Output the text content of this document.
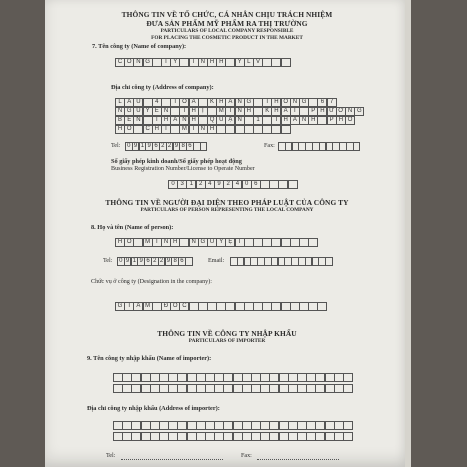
THÔNG TIN VỀ TỔ CHỨC, CÁ NHÂN CHỊU TRÁCH NHIỆM
ĐƯA SẢN PHẨM MỸ PHẨM RA THỊ TRƯỜNG
PARTICULARS OF LOCAL COMPANY RESPONSIBLE
FOR PLACING THE COSMETIC PRODUCT IN THE MARKET
7. Tên công ty (Name of company):
C Ô N G	T Y	T N H H	Y L V
Địa chỉ công ty (Address of company):
L Ầ U	4	T Ò A	K H A N G	T H Ô N G	6 7
N G U Y Ễ N	T H	Ị	M I	N H	K H A	I	P H Ư Ờ N G
B Ế N	T H À N H	Q U Ậ N	1	T H À N H	P H Ố
H Ồ	C H	Í	M I	N H
Tel:	0 9 1 9 6 2 2 9 8 6	Fax:
Số giấy phép kinh doanh/Số giấy phép hoạt động
Business Registration Number/License to Operate Number
0 3 1 2 4 9 2 4 0 6
THÔNG TIN VỀ NGƯỜI ĐẠI DIỆN THEO PHÁP LUẬT CỦA CÔNG TY
PARTICULARS OF PERSON REPRESENTING THE LOCAL COMPANY
8. Họ và tên (Name of person):
H Ồ	M I	N H	N G U Y Ệ T
Tel:	0 9 1 9 6 2 2 9 8 6	Email:
Chức vụ ở công ty (Designation in the company):
G	I	Á M	Đ Ố C
THÔNG TIN VỀ CÔNG TY NHẬP KHẨU
PARTICULARS OF IMPORTER
9. Tên công ty nhập khẩu (Name of importer):
Địa chỉ công ty nhập khẩu (Address of importer):
Tel:	Fax:
